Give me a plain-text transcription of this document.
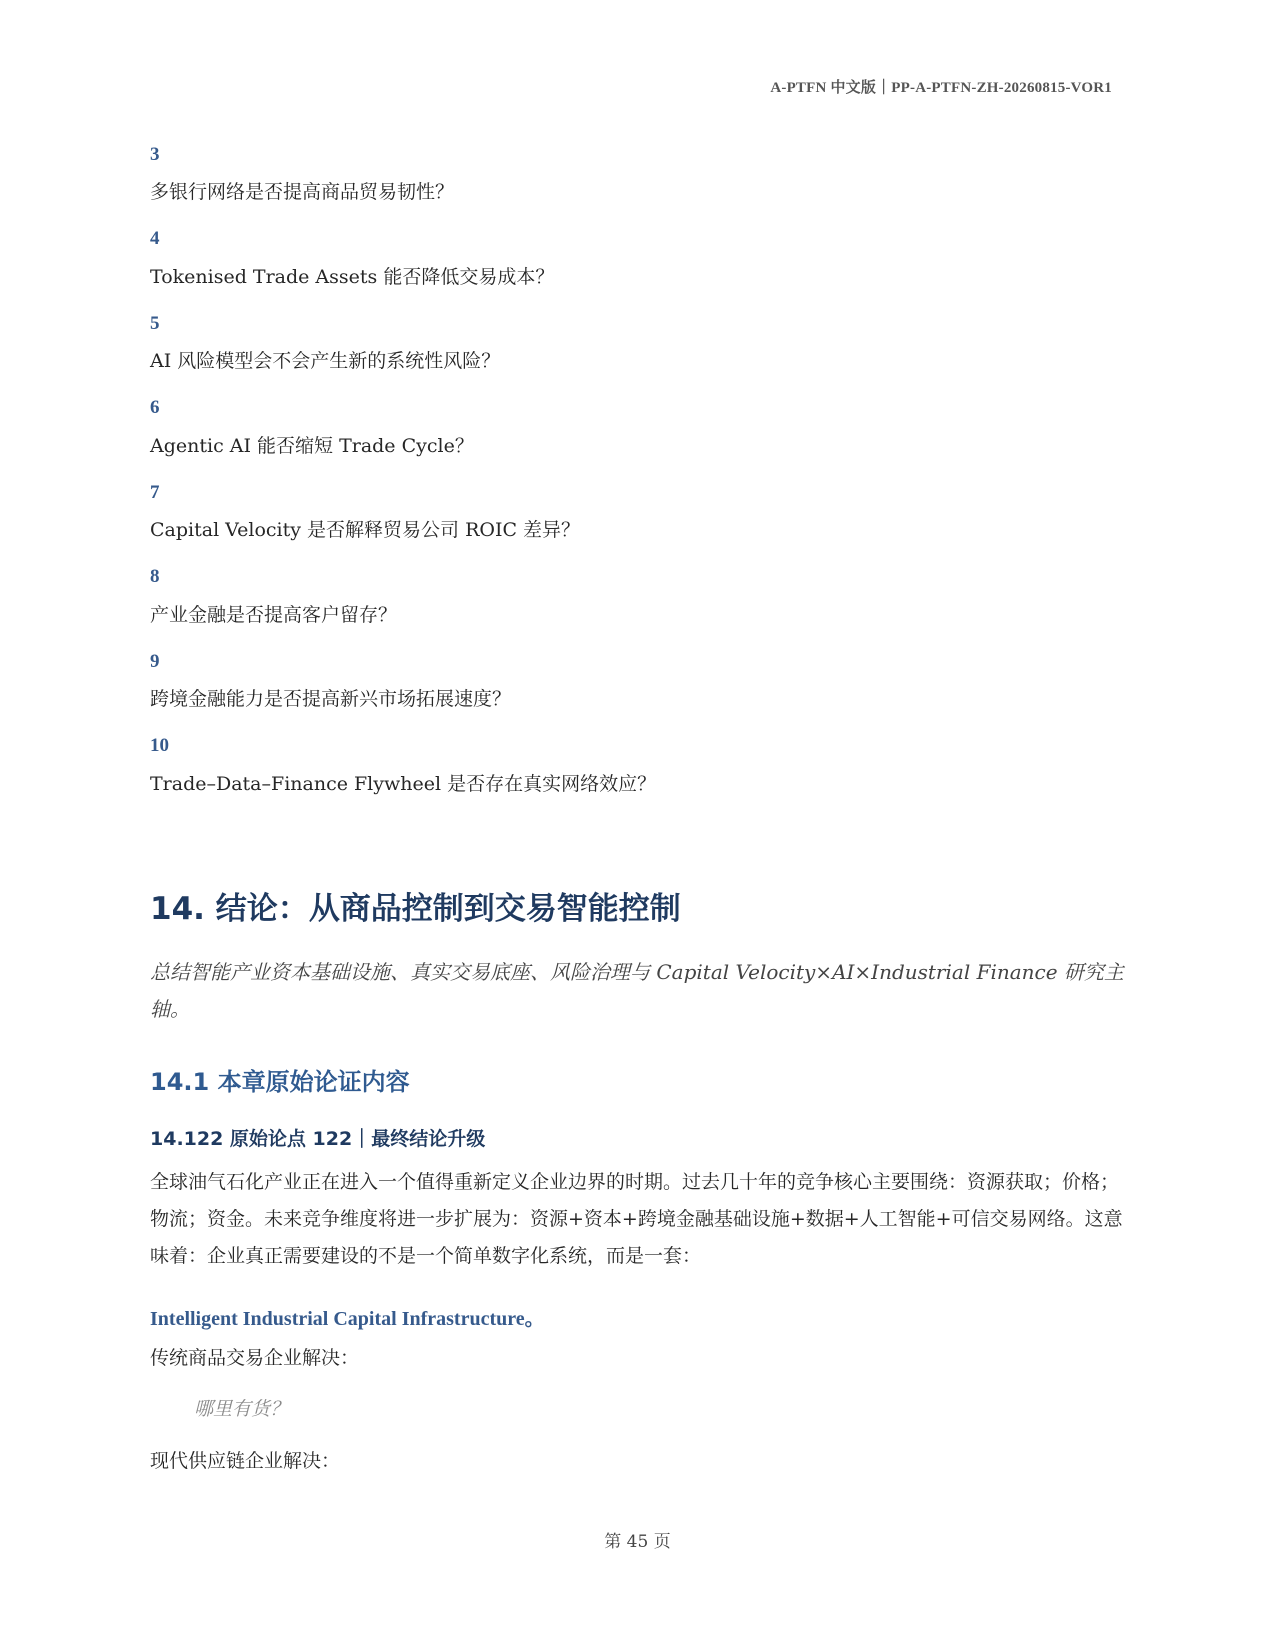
A-PTFN 中文版｜PP-A-PTFN-ZH-20260815-VOR1
3
多银行网络是否提高商品贸易韧性？
4
Tokenised Trade Assets 能否降低交易成本？
5
AI 风险模型会不会产生新的系统性风险？
6
Agentic AI 能否缩短 Trade Cycle？
7
Capital Velocity 是否解释贸易公司 ROIC 差异？
8
产业金融是否提高客户留存？
9
跨境金融能力是否提高新兴市场拓展速度？
10
Trade–Data–Finance Flywheel 是否存在真实网络效应？
14. 结论：从商品控制到交易智能控制
总结智能产业资本基础设施、真实交易底座、风险治理与 Capital Velocity×AI×Industrial Finance 研究主轴。
14.1 本章原始论证内容
14.122 原始论点 122｜最终结论升级
全球油气石化产业正在进入一个值得重新定义企业边界的时期。过去几十年的竞争核心主要围绕：资源获取；价格；物流；资金。未来竞争维度将进一步扩展为：资源+资本+跨境金融基础设施+数据+人工智能+可信交易网络。这意味着：企业真正需要建设的不是一个简单数字化系统，而是一套：
Intelligent Industrial Capital Infrastructure。
传统商品交易企业解决：
哪里有货？
现代供应链企业解决：
第 45 页
